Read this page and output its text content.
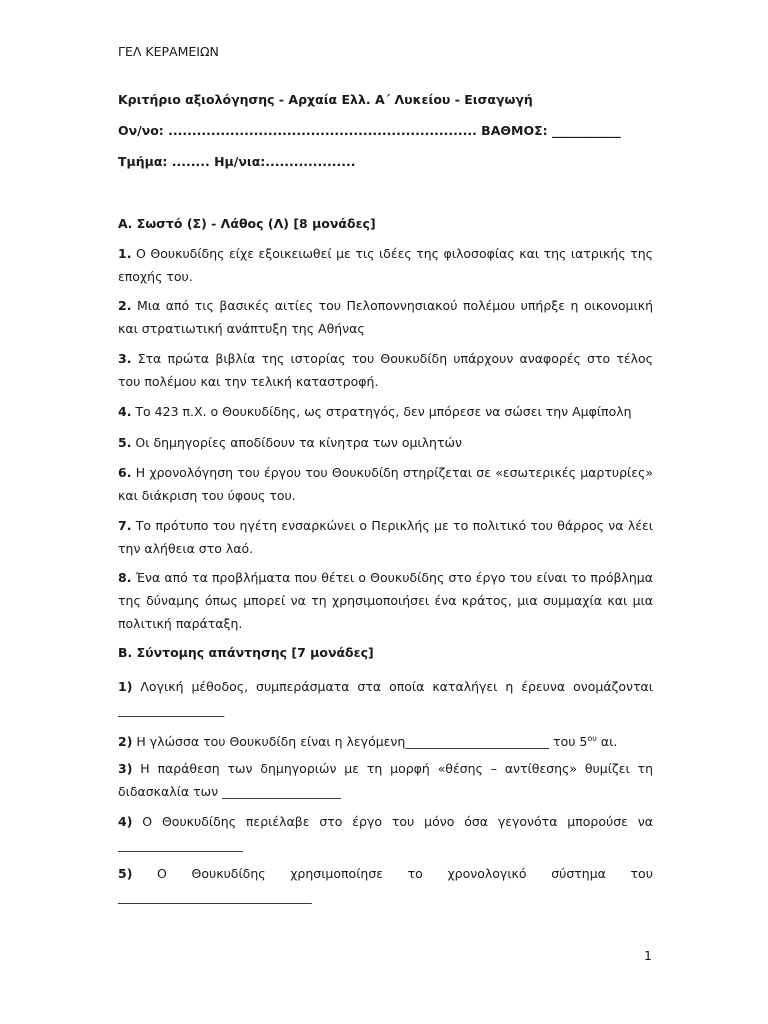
ΓΕΛ ΚΕΡΑΜΕΙΩΝ
Κριτήριο αξιολόγησης - Αρχαία Ελλ. Α΄ Λυκείου - Εισαγωγή
Ον/νο: ................................................................. ΒΑΘΜΟΣ: ___________
Τμήμα: ........ Ημ/νια:...................
Α. Σωστό (Σ) - Λάθος (Λ) [8 μονάδες]
1. Ο Θουκυδίδης είχε εξοικειωθεί με τις ιδέες της φιλοσοφίας και της ιατρικής της εποχής του.
2. Μια από τις βασικές αιτίες του Πελοποννησιακού πολέμου υπήρξε η οικονομική και στρατιωτική ανάπτυξη της Αθήνας
3. Στα πρώτα βιβλία της ιστορίας του Θουκυδίδη υπάρχουν αναφορές στο τέλος του πολέμου και την τελική καταστροφή.
4. Το 423 π.Χ. ο Θουκυδίδης, ως στρατηγός, δεν μπόρεσε να σώσει την Αμφίπολη
5. Οι δημηγορίες αποδίδουν τα κίνητρα των ομιλητών
6. Η χρονολόγηση του έργου του Θουκυδίδη στηρίζεται σε «εσωτερικές μαρτυρίες» και διάκριση του ύφους του.
7. Το πρότυπο του ηγέτη ενσαρκώνει ο Περικλής με το πολιτικό του θάρρος να λέει την αλήθεια στο λαό.
8. Ένα από τα προβλήματα που θέτει ο Θουκυδίδης στο έργο του είναι το πρόβλημα της δύναμης όπως μπορεί να τη χρησιμοποιήσει ένα κράτος, μια συμμαχία και μια πολιτική παράταξη.
Β. Σύντομης απάντησης [7 μονάδες]
1) Λογική μέθοδος, συμπεράσματα στα οποία καταλήγει η έρευνα ονομάζονται _________________
2) Η γλώσσα του Θουκυδίδη είναι η λεγόμενη_______________________ του $5^{o\upsilon}$ αι.
3) Η παράθεση των δημηγοριών με τη μορφή «θέσης – αντίθεσης» θυμίζει τη διδασκαλία των ___________________
4) Ο Θουκυδίδης περιέλαβε στο έργο του μόνο όσα γεγονότα μπορούσε να ____________________
5) Ο Θουκυδίδης χρησιμοποίησε το χρονολογικό σύστημα του
_______________________________
1
